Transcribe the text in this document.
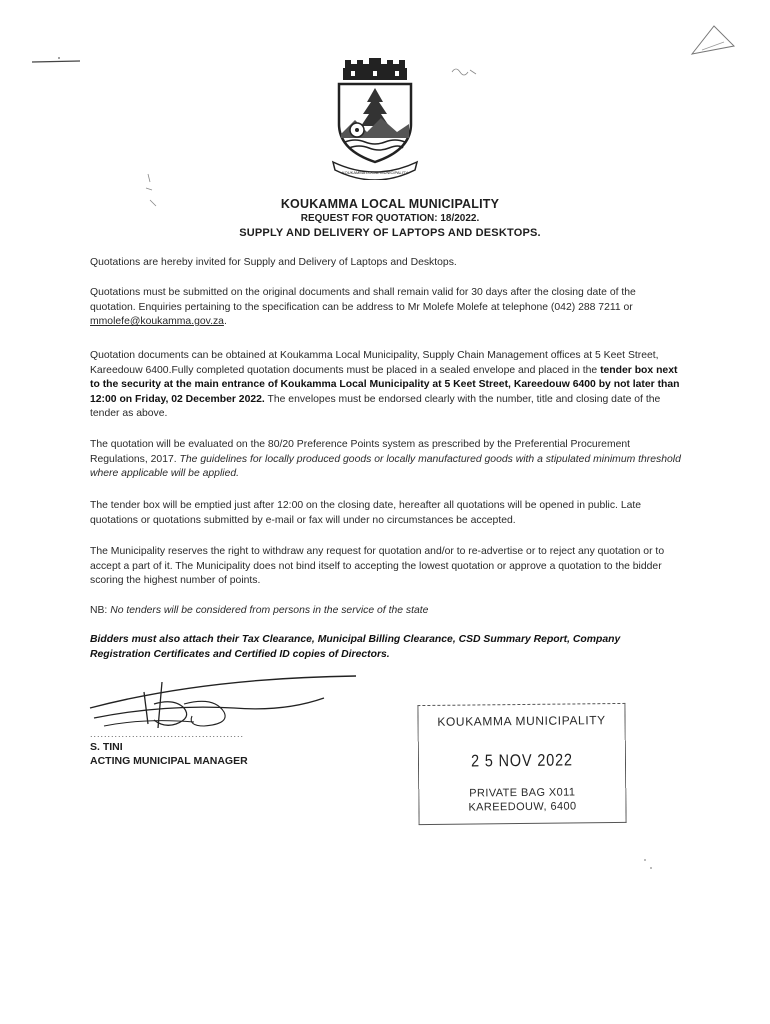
KOUKAMMA LOCAL MUNICIPALITY
KOUKAMMA LOCAL MUNICIPALITY
REQUEST FOR QUOTATION: 18/2022.
SUPPLY AND DELIVERY OF LAPTOPS AND DESKTOPS.

Quotations are hereby invited for Supply and Delivery of Laptops and Desktops.

Quotations must be submitted on the original documents and shall remain valid for 30 days after the closing date of the quotation. Enquiries pertaining to the specification can be address to Mr Molefe Molefe at telephone (042) 288 7211 or mmolefe@koukamma.gov.za.

Quotation documents can be obtained at Koukamma Local Municipality, Supply Chain Management offices at 5 Keet Street, Kareedouw 6400.Fully completed quotation documents must be placed in a sealed envelope and placed in the tender box next to the security at the main entrance of Koukamma Local Municipality at 5 Keet Street, Kareedouw 6400 by not later than 12:00 on Friday, 02 December 2022. The envelopes must be endorsed clearly with the number, title and closing date of the tender as above.

The quotation will be evaluated on the 80/20 Preference Points system as prescribed by the Preferential Procurement Regulations, 2017. The guidelines for locally produced goods or locally manufactured goods with a stipulated minimum threshold where applicable will be applied.

The tender box will be emptied just after 12:00 on the closing date, hereafter all quotations will be opened in public. Late quotations or quotations submitted by e-mail or fax will under no circumstances be accepted.

The Municipality reserves the right to withdraw any request for quotation and/or to re-advertise or to reject any quotation or to accept a part of it. The Municipality does not bind itself to accepting the lowest quotation or approve a quotation to the bidder scoring the highest number of points.

NB: No tenders will be considered from persons in the service of the state

Bidders must also attach their Tax Clearance, Municipal Billing Clearance, CSD Summary Report, Company Registration Certificates and Certified ID copies of Directors.

............................................
S. TINI
ACTING MUNICIPAL MANAGER
KOUKAMMA MUNICIPALITY
2 5 NOV 2022
PRIVATE BAG X011
KAREEDOUW, 6400
